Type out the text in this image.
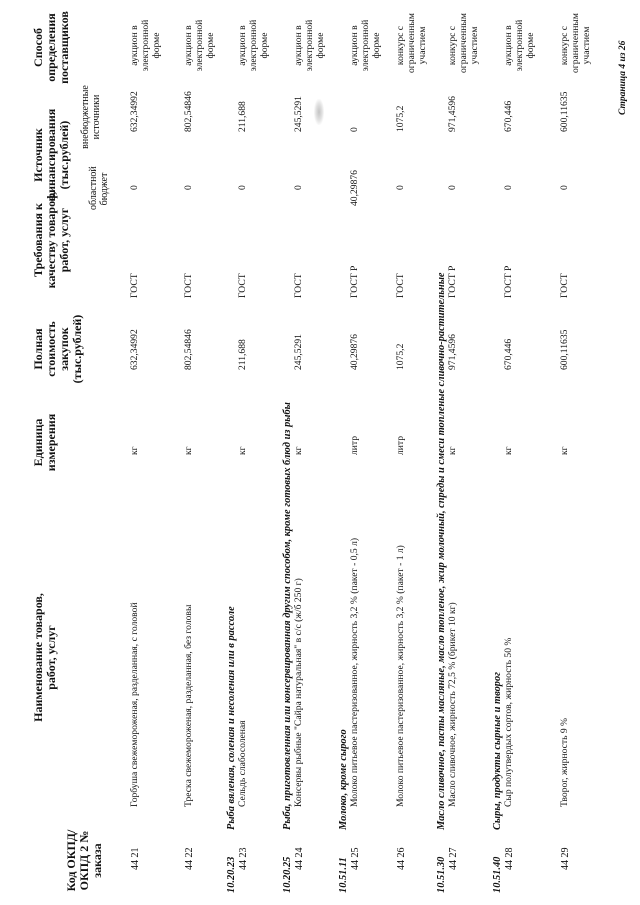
Код ОКПД/ ОКПД 2 № заказа
Наименование товаров, работ, услуг
Единица измерения
Полная стоимость закупок (тыс.рублей)
Требования к качеству товаров, работ, услуг
Источник финансирования (тыс.рублей) областной бюджет
внебюджетные источники
Способ определения поставщиков
44 21
Горбуша свежемороженая, разделанная, с головой
кг
632,34992
ГОСТ
0
632,34992
аукцион в электронной форме
44 22
Треска свежемороженая, разделанная, без головы
кг
802,54846
ГОСТ
0
802,54846
аукцион в электронной форме
10.20.23
Рыба вяленая, соленая и несоленая или в рассоле
44 23
Сельдь слабосоленая
кг
211,688
ГОСТ
0
211,688
аукцион в электронной форме
10.20.25
Рыба, приготовленная или консервированная другим способом, кроме готовых блюд из рыбы
44 24
Консервы рыбные "Сайра натуральная" в с/с (ж/б 250 г)
кг
245,5291
ГОСТ
0
245,5291
аукцион в электронной форме
10.51.11
Молоко, кроме сырого
44 25
Молоко питьевое пастеризованное, жирность 3,2 % (пакет - 0,5 л)
литр
40,29876
ГОСТ Р
40,29876
0
аукцион в электронной форме
44 26
Молоко питьевое пастеризованное, жирность 3,2 % (пакет - 1 л)
литр
1075,2
ГОСТ
0
1075,2
конкурс с ограниченным участием
10.51.30
Масло сливочное, пасты масляные, масло топленое, жир молочный, спреды и смеси топленые сливочно-растительные
44 27
Масло сливочное, жирность 72,5 % (брикет 10 кг)
кг
971,4596
ГОСТ Р
0
971,4596
конкурс с ограниченным участием
10.51.40
Сыры, продукты сырные и творог
44 28
Сыр полутвердых сортов, жирность 50 %
кг
670,446
ГОСТ Р
0
670,446
аукцион в электронной форме
44 29
Творог, жирность 9 %
кг
600,11635
ГОСТ
0
600,11635
конкурс с ограниченным участием	Страница 4 из 26
